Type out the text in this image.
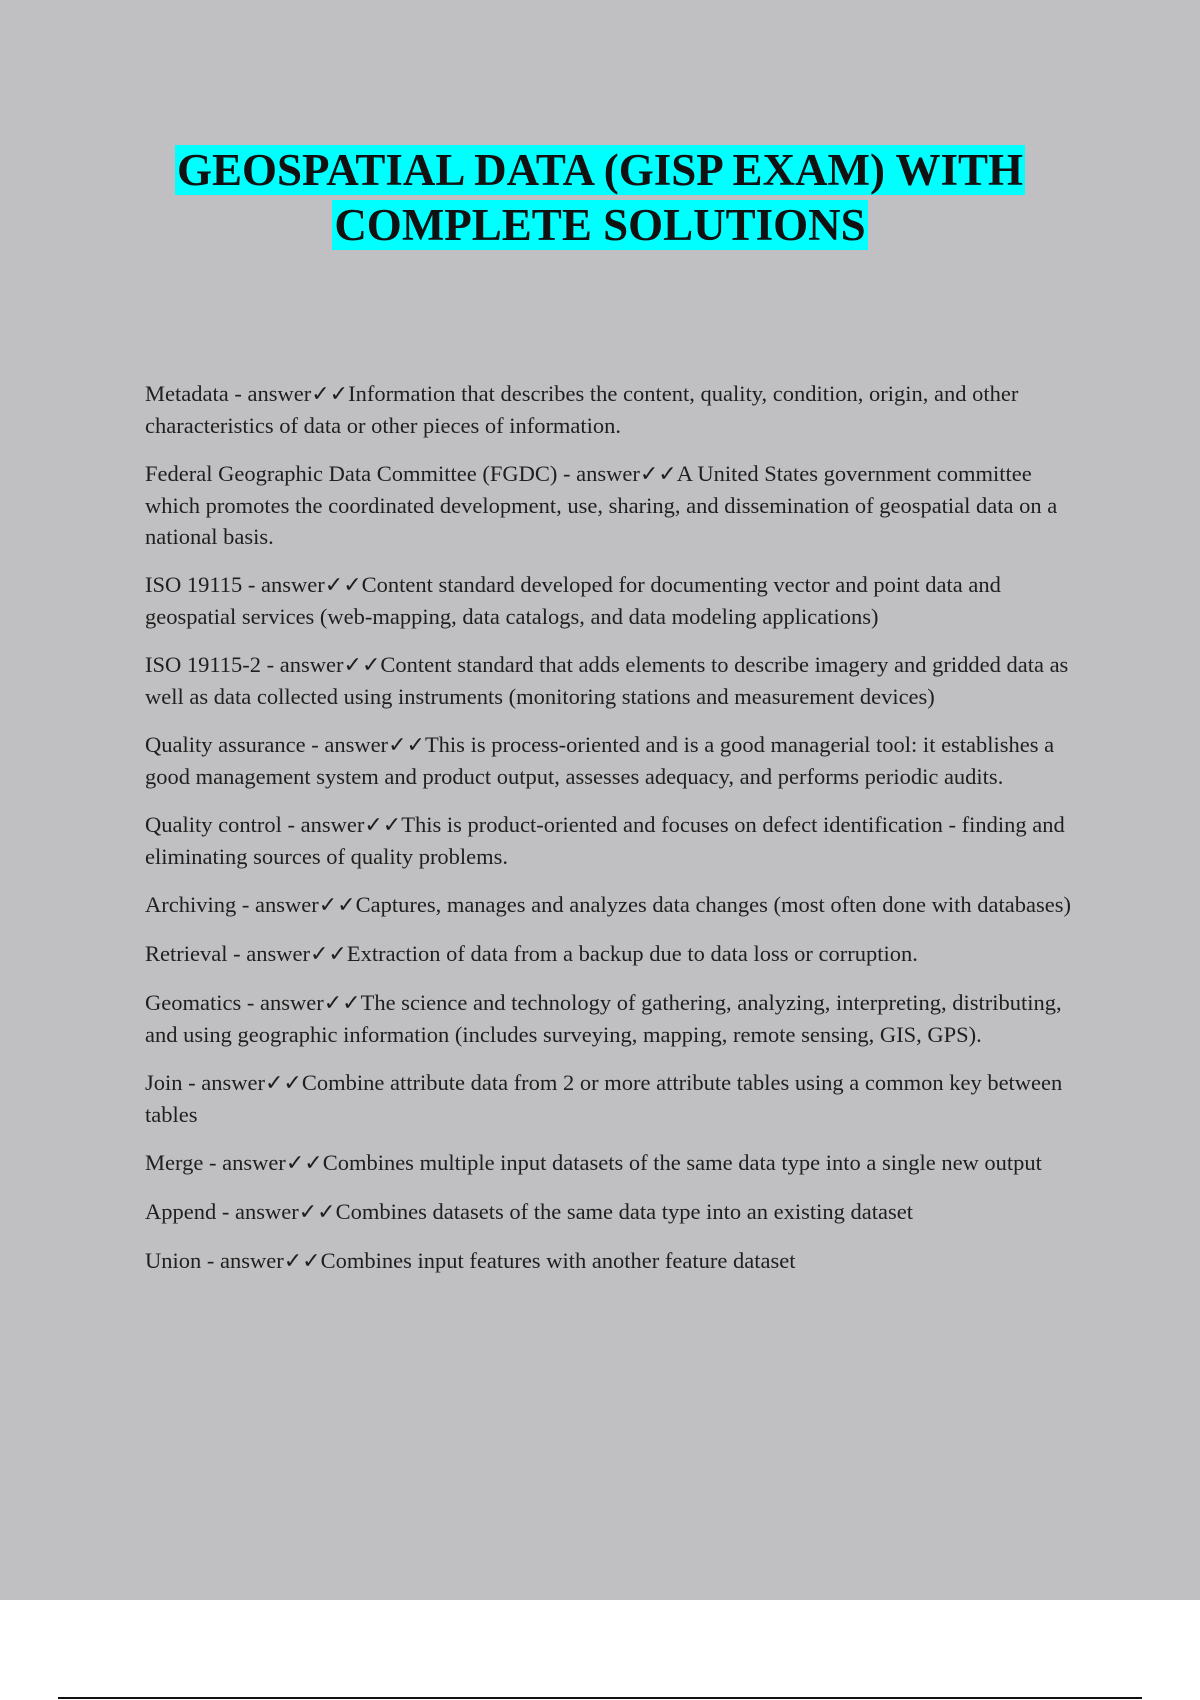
GEOSPATIAL DATA (GISP EXAM) WITH
COMPLETE SOLUTIONS

Metadata - answer✓✓Information that describes the content, quality, condition, origin, and other characteristics of data or other pieces of information.

Federal Geographic Data Committee (FGDC) - answer✓✓A United States government committee which promotes the coordinated development, use, sharing, and dissemination of geospatial data on a national basis.

ISO 19115 - answer✓✓Content standard developed for documenting vector and point data and geospatial services (web-mapping, data catalogs, and data modeling applications)

ISO 19115-2 - answer✓✓Content standard that adds elements to describe imagery and gridded data as well as data collected using instruments (monitoring stations and measurement devices)

Quality assurance - answer✓✓This is process-oriented and is a good managerial tool: it establishes a good management system and product output, assesses adequacy, and performs periodic audits.

Quality control - answer✓✓This is product-oriented and focuses on defect identification - finding and eliminating sources of quality problems.

Archiving - answer✓✓Captures, manages and analyzes data changes (most often done with databases)

Retrieval - answer✓✓Extraction of data from a backup due to data loss or corruption.

Geomatics - answer✓✓The science and technology of gathering, analyzing, interpreting, distributing, and using geographic information (includes surveying, mapping, remote sensing, GIS, GPS).

Join - answer✓✓Combine attribute data from 2 or more attribute tables using a common key between tables

Merge - answer✓✓Combines multiple input datasets of the same data type into a single new output

Append - answer✓✓Combines datasets of the same data type into an existing dataset

Union - answer✓✓Combines input features with another feature dataset
